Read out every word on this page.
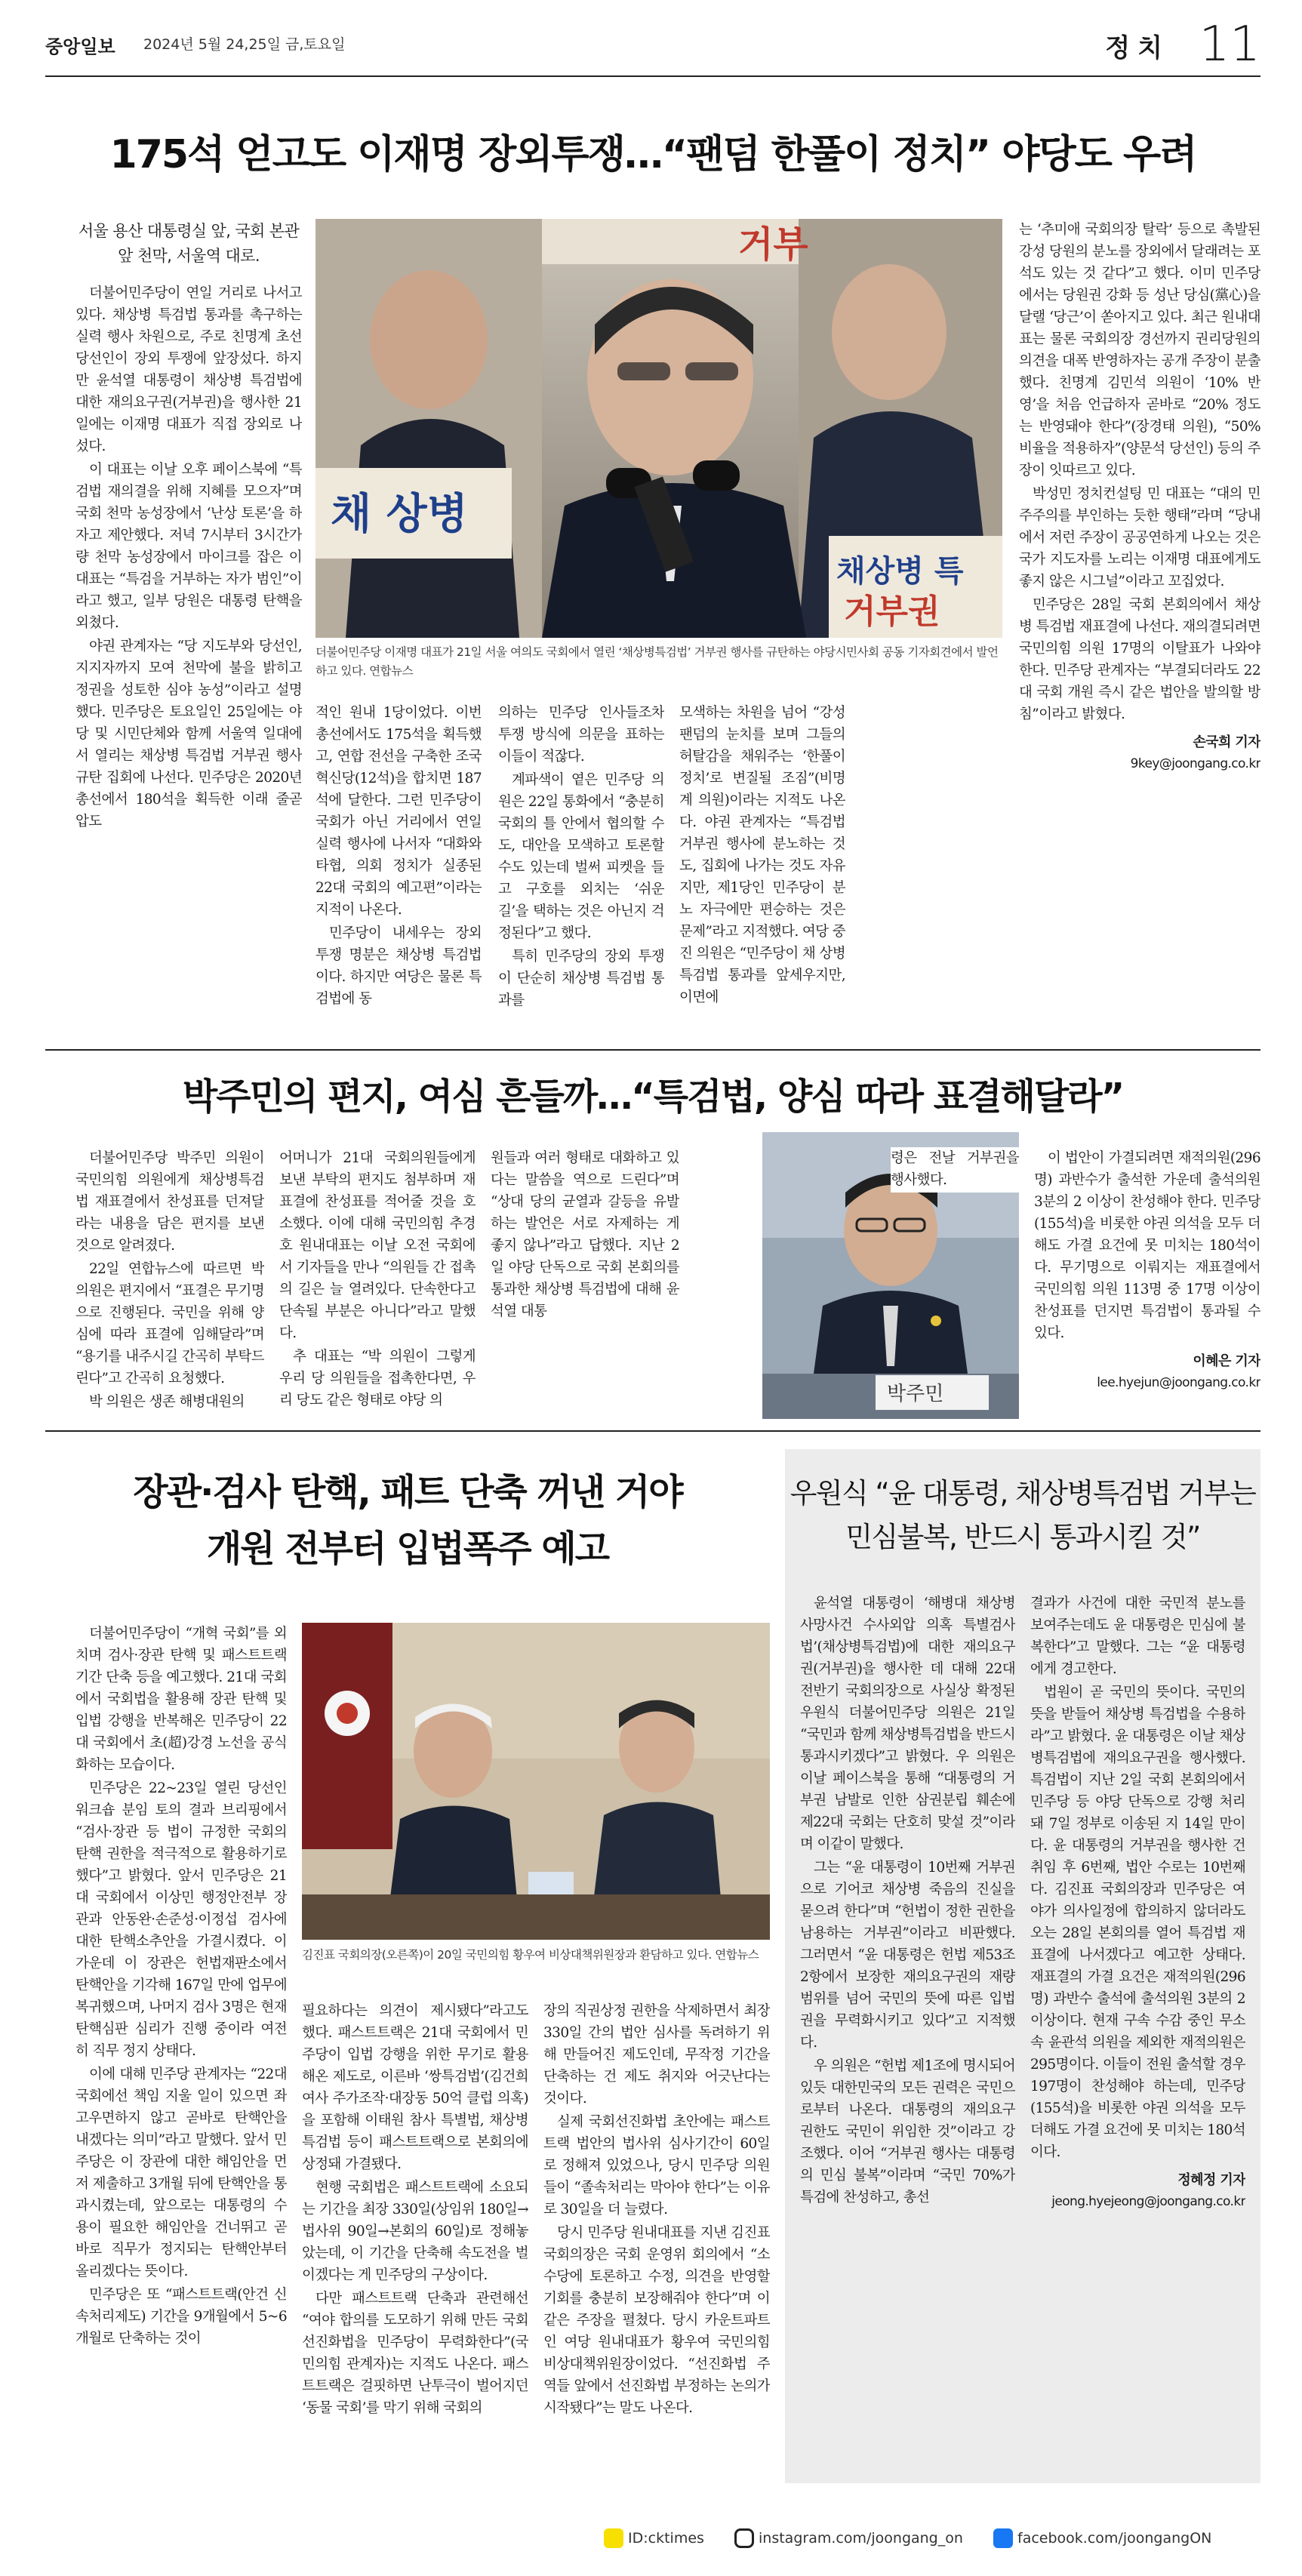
중앙일보 2024년 5월 24,25일 금,토요일	정치 11
175석 얻고도 이재명 장외투쟁…“팬덤 한풀이 정치” 야당도 우려
서울 용산 대통령실 앞, 국회 본관 앞 천막, 서울역 대로.

더불어민주당이 연일 거리로 나서고 있다. 채상병 특검법 통과를 촉구하는 실력 행사 차원으로, 주로 친명계 초선 당선인이 장외 투쟁에 앞장섰다. 하지만 윤석열 대통령이 채상병 특검법에 대한 재의요구권(거부권)을 행사한 21일에는 이재명 대표가 직접 장외로 나섰다.

이 대표는 이날 오후 페이스북에 “특검법 재의결을 위해 지혜를 모으자”며 국회 천막 농성장에서 ‘난상 토론’을 하자고 제안했다. 저녁 7시부터 3시간가량 천막 농성장에서 마이크를 잡은 이 대표는 “특검을 거부하는 자가 범인”이라고 했고, 일부 당원은 대통령 탄핵을 외쳤다.

야권 관계자는 “당 지도부와 당선인, 지지자까지 모여 천막에 불을 밝히고 정권을 성토한 심야 농성”이라고 설명했다. 민주당은 토요일인 25일에는 야당 및 시민단체와 함께 서울역 일대에서 열리는 채상병 특검법 거부권 행사 규탄 집회에 나선다. 민주당은 2020년 총선에서 180석을 획득한 이래 줄곧 압도

채 상병
거부
채상병 특
거부권
더불어민주당 이재명 대표가 21일 서울 여의도 국회에서 열린 ‘채상병특검법’ 거부권 행사를 규탄하는 야당시민사회 공동 기자회견에서 발언하고 있다. 연합뉴스

적인 원내 1당이었다. 이번 총선에서도 175석을 획득했고, 연합 전선을 구축한 조국혁신당(12석)을 합치면 187석에 달한다. 그런 민주당이 국회가 아닌 거리에서 연일 실력 행사에 나서자 “대화와 타협, 의회 정치가 실종된 22대 국회의 예고편”이라는 지적이 나온다.

민주당이 내세우는 장외 투쟁 명분은 채상병 특검법이다. 하지만 여당은 물론 특검법에 동

의하는 민주당 인사들조차 투쟁 방식에 의문을 표하는 이들이 적잖다.

계파색이 옅은 민주당 의원은 22일 통화에서 “충분히 국회의 틀 안에서 협의할 수도, 대안을 모색하고 토론할 수도 있는데 벌써 피켓을 들고 구호를 외치는 ‘쉬운 길’을 택하는 것은 아닌지 걱정된다”고 했다.

특히 민주당의 장외 투쟁이 단순히 채상병 특검법 통과를

모색하는 차원을 넘어 “강성 팬덤의 눈치를 보며 그들의 허탈감을 채워주는 ‘한풀이 정치’로 변질될 조짐”(비명계 의원)이라는 지적도 나온다. 야권 관계자는 “특검법 거부권 행사에 분노하는 것도, 집회에 나가는 것도 자유지만, 제1당인 민주당이 분노 자극에만 편승하는 것은 문제”라고 지적했다. 여당 중진 의원은 “민주당이 채 상병 특검법 통과를 앞세우지만, 이면에

는 ‘추미애 국회의장 탈락’ 등으로 촉발된 강성 당원의 분노를 장외에서 달래려는 포석도 있는 것 같다”고 했다. 이미 민주당에서는 당원권 강화 등 성난 당심(黨心)을 달랠 ‘당근’이 쏟아지고 있다. 최근 원내대표는 물론 국회의장 경선까지 권리당원의 의견을 대폭 반영하자는 공개 주장이 분출했다. 친명계 김민석 의원이 ‘10% 반영’을 처음 언급하자 곧바로 “20% 정도는 반영돼야 한다”(장경태 의원), “50% 비율을 적용하자”(양문석 당선인) 등의 주장이 잇따르고 있다.

박성민 정치컨설팅 민 대표는 “대의 민주주의를 부인하는 듯한 행태”라며 “당내에서 저런 주장이 공공연하게 나오는 것은 국가 지도자를 노리는 이재명 대표에게도 좋지 않은 시그널”이라고 꼬집었다.

민주당은 28일 국회 본회의에서 채상병 특검법 재표결에 나선다. 재의결되려면 국민의힘 의원 17명의 이탈표가 나와야 한다. 민주당 관계자는 “부결되더라도 22대 국회 개원 즉시 같은 법안을 발의할 방침”이라고 밝혔다.

손국희 기자
9key@joongang.co.kr
박주민의 편지, 여심 흔들까…“특검법, 양심 따라 표결해달라”

더불어민주당 박주민 의원이 국민의힘 의원에게 채상병특검법 재표결에서 찬성표를 던져달라는 내용을 담은 편지를 보낸 것으로 알려졌다.

22일 연합뉴스에 따르면 박 의원은 편지에서 “표결은 무기명으로 진행된다. 국민을 위해 양심에 따라 표결에 임해달라”며 “용기를 내주시길 간곡히 부탁드린다”고 간곡히 요청했다.

박 의원은 생존 해병대원의

어머니가 21대 국회의원들에게 보낸 부탁의 편지도 첨부하며 재표결에 찬성표를 적어줄 것을 호소했다. 이에 대해 국민의힘 추경호 원내대표는 이날 오전 국회에서 기자들을 만나 “의원들 간 접촉의 길은 늘 열려있다. 단속한다고 단속될 부분은 아니다”라고 말했다.

추 대표는 “박 의원이 그렇게 우리 당 의원들을 접촉한다면, 우리 당도 같은 형태로 야당 의

원들과 여러 형태로 대화하고 있다는 말씀을 역으로 드린다”며 “상대 당의 균열과 갈등을 유발하는 발언은 서로 자제하는 게 좋지 않나”라고 답했다. 지난 2일 야당 단독으로 국회 본회의를 통과한 채상병 특검법에 대해 윤석열 대통

박주민

령은 전날 거부권을 행사했다.

이 법안이 가결되려면 재적의원(296명) 과반수가 출석한 가운데 출석의원 3분의 2 이상이 찬성해야 한다. 민주당(155석)을 비롯한 야권 의석을 모두 더해도 가결 요건에 못 미치는 180석이다. 무기명으로 이뤄지는 재표결에서 국민의힘 의원 113명 중 17명 이상이 찬성표를 던지면 특검법이 통과될 수 있다.

이혜은 기자
lee.hyejun@joongang.co.kr
장관·검사 탄핵, 패트 단축 꺼낸 거야
개원 전부터 입법폭주 예고

더불어민주당이 “개혁 국회”를 외치며 검사·장관 탄핵 및 패스트트랙 기간 단축 등을 예고했다. 21대 국회에서 국회법을 활용해 장관 탄핵 및 입법 강행을 반복해온 민주당이 22대 국회에서 초(超)강경 노선을 공식화하는 모습이다.

민주당은 22~23일 열린 당선인 워크숍 분임 토의 결과 브리핑에서 “검사·장관 등 법이 규정한 국회의 탄핵 권한을 적극적으로 활용하기로 했다”고 밝혔다. 앞서 민주당은 21대 국회에서 이상민 행정안전부 장관과 안동완·손준성·이정섭 검사에 대한 탄핵소추안을 가결시켰다. 이 가운데 이 장관은 헌법재판소에서 탄핵안을 기각해 167일 만에 업무에 복귀했으며, 나머지 검사 3명은 현재 탄핵심판 심리가 진행 중이라 여전히 직무 정지 상태다.

이에 대해 민주당 관계자는 “22대 국회에선 책임 지울 일이 있으면 좌고우면하지 않고 곧바로 탄핵안을 내겠다는 의미”라고 말했다. 앞서 민주당은 이 장관에 대한 해임안을 먼저 제출하고 3개월 뒤에 탄핵안을 통과시켰는데, 앞으로는 대통령의 수용이 필요한 해임안을 건너뛰고 곧바로 직무가 정지되는 탄핵안부터 올리겠다는 뜻이다.

민주당은 또 “패스트트랙(안건 신속처리제도) 기간을 9개월에서 5~6개월로 단축하는 것이

김진표 국회의장(오른쪽)이 20일 국민의힘 황우여 비상대책위원장과 환담하고 있다. 연합뉴스

필요하다는 의견이 제시됐다”라고도 했다. 패스트트랙은 21대 국회에서 민주당이 입법 강행을 위한 무기로 활용해온 제도로, 이른바 ‘쌍특검법’(김건희 여사 주가조작·대장동 50억 클럽 의혹)을 포함해 이태원 참사 특별법, 채상병 특검법 등이 패스트트랙으로 본회의에 상정돼 가결됐다.

현행 국회법은 패스트트랙에 소요되는 기간을 최장 330일(상임위 180일→법사위 90일→본회의 60일)로 정해놓았는데, 이 기간을 단축해 속도전을 벌이겠다는 게 민주당의 구상이다.

다만 패스트트랙 단축과 관련해선 “여야 합의를 도모하기 위해 만든 국회선진화법을 민주당이 무력화한다”(국민의힘 관계자)는 지적도 나온다. 패스트트랙은 걸핏하면 난투극이 벌어지던 ‘동물 국회’를 막기 위해 국회의

장의 직권상정 권한을 삭제하면서 최장 330일 간의 법안 심사를 독려하기 위해 만들어진 제도인데, 무작정 기간을 단축하는 건 제도 취지와 어긋난다는 것이다.

실제 국회선진화법 초안에는 패스트트랙 법안의 법사위 심사기간이 60일로 정해져 있었으나, 당시 민주당 의원들이 “졸속처리는 막아야 한다”는 이유로 30일을 더 늘렸다.

당시 민주당 원내대표를 지낸 김진표 국회의장은 국회 운영위 회의에서 “소수당에 토론하고 수정, 의견을 반영할 기회를 충분히 보장해줘야 한다”며 이 같은 주장을 펼쳤다. 당시 카운트파트인 여당 원내대표가 황우여 국민의힘 비상대책위원장이었다. “선진화법 주역들 앞에서 선진화법 부정하는 논의가 시작됐다”는 말도 나온다.

우원식 “윤 대통령, 채상병특검법 거부는
민심불복, 반드시 통과시킬 것”

윤석열 대통령이 ‘해병대 채상병 사망사건 수사외압 의혹 특별검사법’(채상병특검법)에 대한 재의요구권(거부권)을 행사한 데 대해 22대 전반기 국회의장으로 사실상 확정된 우원식 더불어민주당 의원은 21일 “국민과 함께 채상병특검법을 반드시 통과시키겠다”고 밝혔다. 우 의원은 이날 페이스북을 통해 “대통령의 거부권 남발로 인한 삼권분립 훼손에 제22대 국회는 단호히 맞설 것”이라며 이같이 말했다.

그는 “윤 대통령이 10번째 거부권으로 기어코 채상병 죽음의 진실을 묻으려 한다”며 “헌법이 정한 권한을 남용하는 거부권”이라고 비판했다. 그러면서 “윤 대통령은 헌법 제53조 2항에서 보장한 재의요구권의 재량 범위를 넘어 국민의 뜻에 따른 입법권을 무력화시키고 있다”고 지적했다.

우 의원은 “헌법 제1조에 명시되어 있듯 대한민국의 모든 권력은 국민으로부터 나온다. 대통령의 재의요구 권한도 국민이 위임한 것”이라고 강조했다. 이어 “거부권 행사는 대통령의 민심 불복”이라며 “국민 70%가 특검에 찬성하고, 총선

결과가 사건에 대한 국민적 분노를 보여주는데도 윤 대통령은 민심에 불복한다”고 말했다. 그는 “윤 대통령에게 경고한다.

법원이 곧 국민의 뜻이다. 국민의 뜻을 받들어 채상병 특검법을 수용하라”고 밝혔다. 윤 대통령은 이날 채상병특검법에 재의요구권을 행사했다. 특검법이 지난 2일 국회 본회의에서 민주당 등 야당 단독으로 강행 처리돼 7일 정부로 이송된 지 14일 만이다. 윤 대통령의 거부권을 행사한 건 취임 후 6번째, 법안 수로는 10번째다. 김진표 국회의장과 민주당은 여야가 의사일정에 합의하지 않더라도 오는 28일 본회의를 열어 특검법 재표결에 나서겠다고 예고한 상태다. 재표결의 가결 요건은 재적의원(296명) 과반수 출석에 출석의원 3분의 2 이상이다. 현재 구속 수감 중인 무소속 윤관석 의원을 제외한 재적의원은 295명이다. 이들이 전원 출석할 경우 197명이 찬성해야 하는데, 민주당(155석)을 비롯한 야권 의석을 모두 더해도 가결 요건에 못 미치는 180석이다.

정혜정 기자
jeong.hyejeong@joongang.co.kr
ID:cktimes	instagram.com/joongang_on	facebook.com/joongangON
